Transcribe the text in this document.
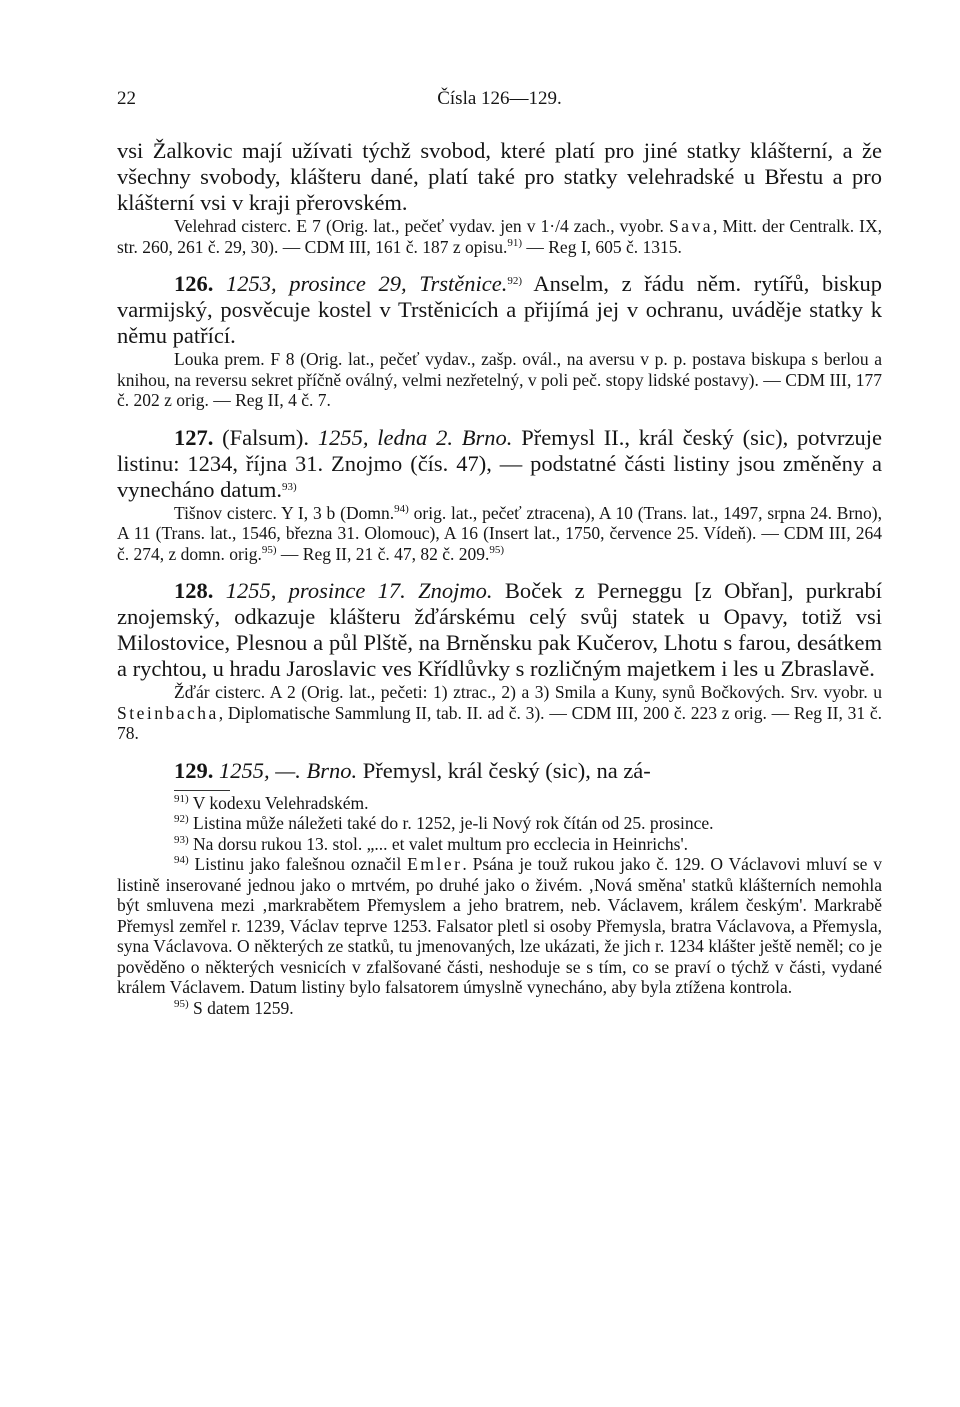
22	Čísla 126—129.

vsi Žalkovic mají užívati týchž svobod, které platí pro jiné statky klášterní, a že všechny svobody, klášteru dané, platí také pro statky velehradské u Břestu a pro klášterní vsi v kraji přerovském.

Velehrad cisterc. E 7 (Orig. lat., pečeť vydav. jen v 1·/4 zach., vyobr. Sava, Mitt. der Centralk. IX, str. 260, 261 č. 29, 30). — CDM III, 161 č. 187 z opisu.$^{91)}$ — Reg I, 605 č. 1315.

126. 1253, prosince 29, Trstěnice.$^{92)}$ Anselm, z řádu něm. rytířů, biskup varmijský, posvěcuje kostel v Trstěnicích a přijímá jej v ochranu, uváděje statky k němu patřící.

Louka prem. F 8 (Orig. lat., pečeť vydav., zašp. ovál., na aversu v p. p. postava biskupa s berlou a knihou, na reversu sekret příčně oválný, velmi nezřetelný, v poli peč. stopy lidské postavy). — CDM III, 177 č. 202 z orig. — Reg II, 4 č. 7.

127. (Falsum). 1255, ledna 2. Brno. Přemysl II., král český (sic), potvrzuje listinu: 1234, října 31. Znojmo (čís. 47), — podstatné části listiny jsou změněny a vynecháno datum.$^{93)}$

Tišnov cisterc. Y I, 3 b (Domn.$^{94)}$ orig. lat., pečeť ztracena), A 10 (Trans. lat., 1497, srpna 24. Brno), A 11 (Trans. lat., 1546, března 31. Olomouc), A 16 (Insert lat., 1750, července 25. Vídeň). — CDM III, 264 č. 274, z domn. orig.$^{95)}$ — Reg II, 21 č. 47, 82 č. 209.$^{95)}$

128. 1255, prosince 17. Znojmo. Boček z Perneggu [z Obřan], purkrabí znojemský, odkazuje klášteru žďárskému celý svůj statek u Opavy, totiž vsi Milostovice, Plesnou a půl Plště, na Brněnsku pak Kučerov, Lhotu s farou, desátkem a rychtou, u hradu Jaroslavic ves Křídlůvky s rozličným majetkem i les u Zbraslavě.

Žďár cisterc. A 2 (Orig. lat., pečeti: 1) ztrac., 2) a 3) Smila a Kuny, synů Bočkových. Srv. vyobr. u Steinbacha, Diplomatische Sammlung II, tab. II. ad č. 3). — CDM III, 200 č. 223 z orig. — Reg II, 31 č. 78.

129. 1255, —. Brno. Přemysl, král český (sic), na zá-

$^{91)}$ V kodexu Velehradském.

$^{92)}$ Listina může náležeti také do r. 1252, je-li Nový rok čítán od 25. prosince.

$^{93)}$ Na dorsu rukou 13. stol. „... et valet multum pro ecclecia in Heinrichs'.

$^{94)}$ Listinu jako falešnou označil Emler. Psána je touž rukou jako č. 129. O Václavovi mluví se v listině inserované jednou jako o mrtvém, po druhé jako o živém. ‚Nová směna' statků klášterních nemohla být smluvena mezi ‚markrabětem Přemyslem a jeho bratrem, neb. Václavem, králem českým'. Markrabě Přemysl zemřel r. 1239, Václav teprve 1253. Falsator pletl si osoby Přemysla, bratra Václavova, a Přemysla, syna Václavova. O některých ze statků, tu jmenovaných, lze ukázati, že jich r. 1234 klášter ještě neměl; co je pověděno o některých vesnicích v zfalšované části, neshoduje se s tím, co se praví o týchž v části, vydané králem Václavem. Datum listiny bylo falsatorem úmyslně vynecháno, aby byla ztížena kontrola.

$^{95)}$ S datem 1259.
